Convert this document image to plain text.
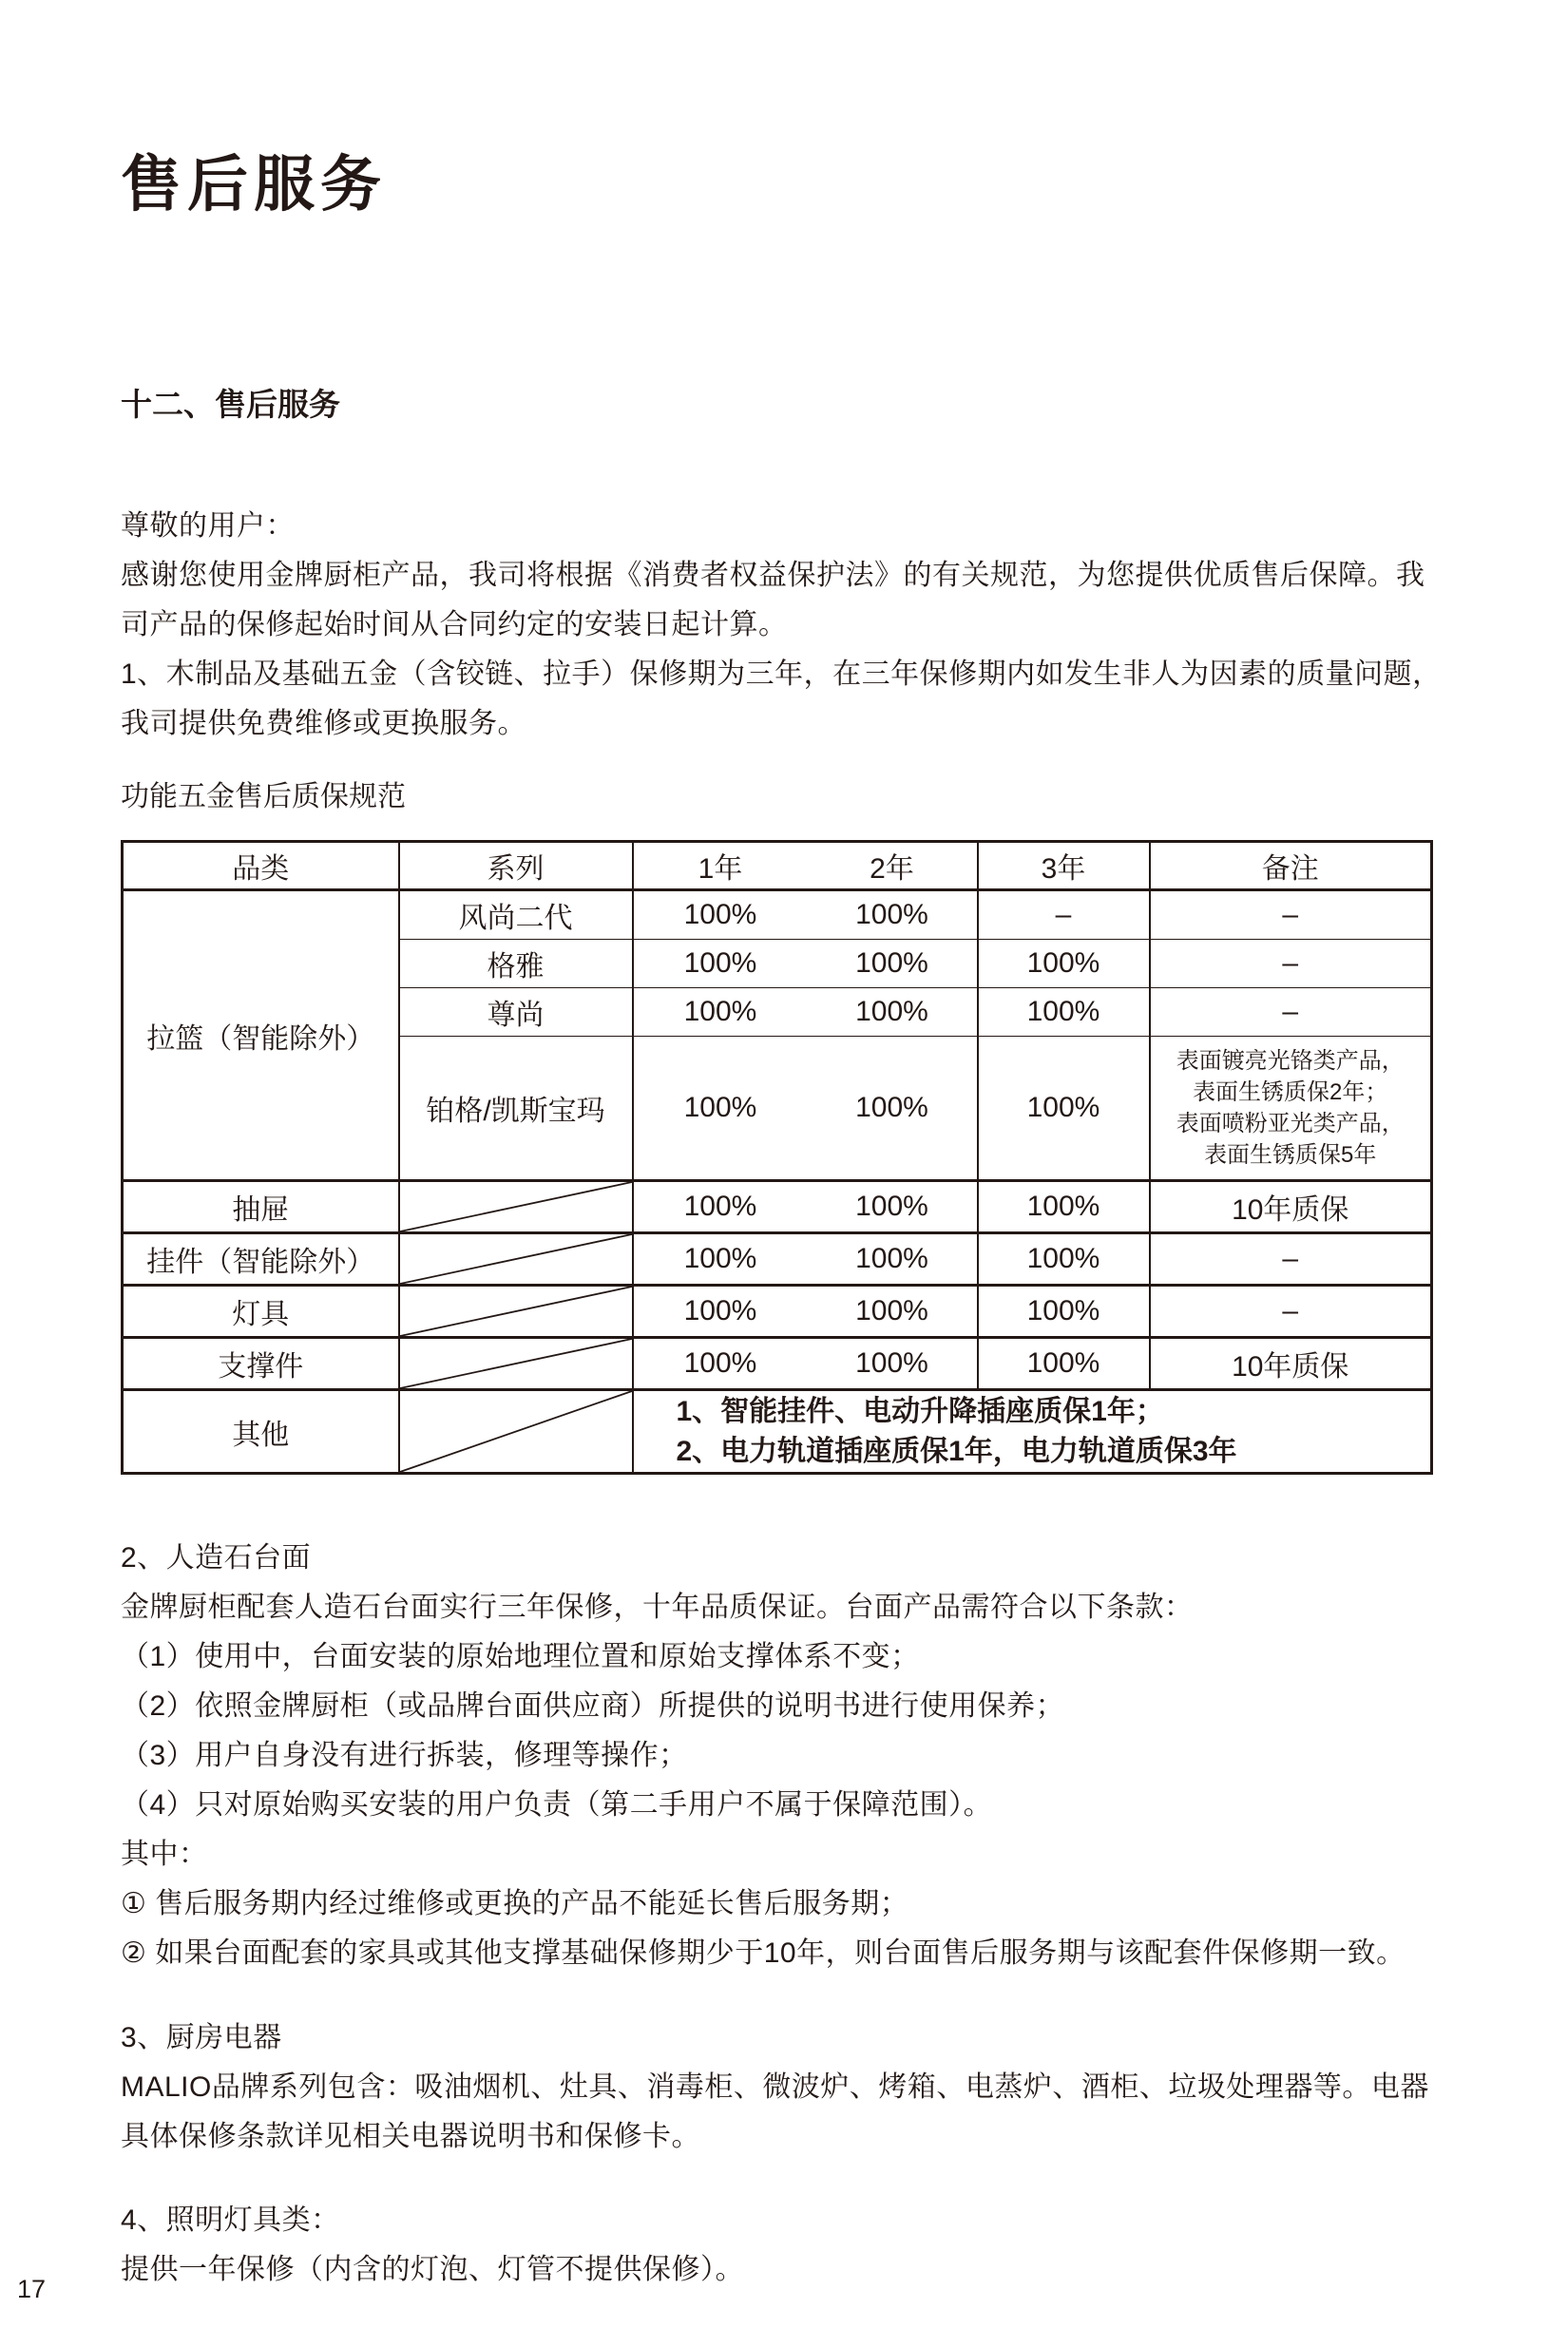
售后服务
十二、售后服务
尊敬的用户：
感谢您使用金牌厨柜产品，我司将根据《消费者权益保护法》的有关规范，为您提供优质售后保障。我
司产品的保修起始时间从合同约定的安装日起计算。
1、木制品及基础五金（含铰链、拉手）保修期为三年，在三年保修期内如发生非人为因素的质量问题，
我司提供免费维修或更换服务。
功能五金售后质保规范
品类	系列	1年	2年	3年	备注
拉篮（智能除外）	风尚二代	100%	100%	–	–
	格雅	100%	100%	100%	–
	尊尚	100%	100%	100%	–
	铂格/凯斯宝玛	100%	100%	100%	表面镀亮光铬类产品，
表面生锈质保2年；
表面喷粉亚光类产品，
表面生锈质保5年

抽屉		100%	100%	100%	10年质保
挂件（智能除外）		100%	100%	100%	–
灯具		100%	100%	100%	–
支撑件		100%	100%	100%	10年质保
其他		1、智能挂件、电动升降插座质保1年；
2、电力轨道插座质保1年，电力轨道质保3年			
2、人造石台面
金牌厨柜配套人造石台面实行三年保修，十年品质保证。台面产品需符合以下条款：
（1）使用中，台面安装的原始地理位置和原始支撑体系不变；
（2）依照金牌厨柜（或品牌台面供应商）所提供的说明书进行使用保养；
（3）用户自身没有进行拆装，修理等操作；
（4）只对原始购买安装的用户负责（第二手用户不属于保障范围）。
其中：
① 售后服务期内经过维修或更换的产品不能延长售后服务期；
② 如果台面配套的家具或其他支撑基础保修期少于10年，则台面售后服务期与该配套件保修期一致。
3、厨房电器
MALIO品牌系列包含：吸油烟机、灶具、消毒柜、微波炉、烤箱、电蒸炉、酒柜、垃圾处理器等。电器
具体保修条款详见相关电器说明书和保修卡。
4、照明灯具类：
提供一年保修（内含的灯泡、灯管不提供保修）。
17
